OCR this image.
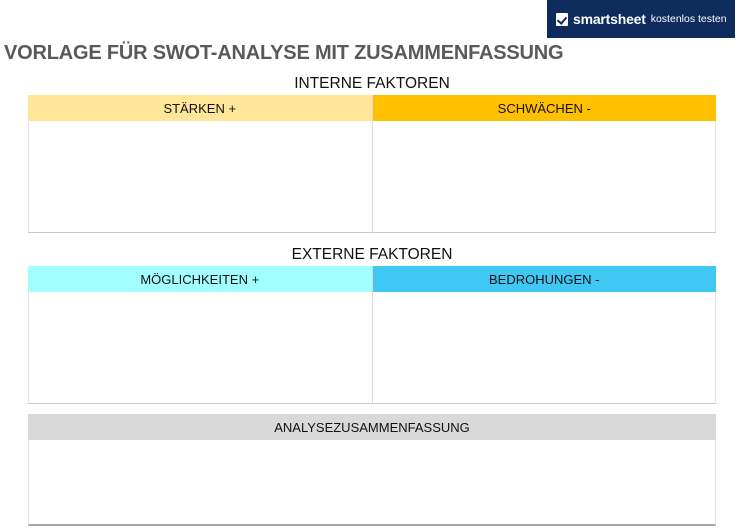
smartsheet kostenlos testen
VORLAGE FÜR SWOT-ANALYSE MIT ZUSAMMENFASSUNG
INTERNE FAKTOREN
STÄRKEN +	SCHWÄCHEN -
EXTERNE FAKTOREN
MÖGLICHKEITEN +	BEDROHUNGEN -
ANALYSEZUSAMMENFASSUNG
